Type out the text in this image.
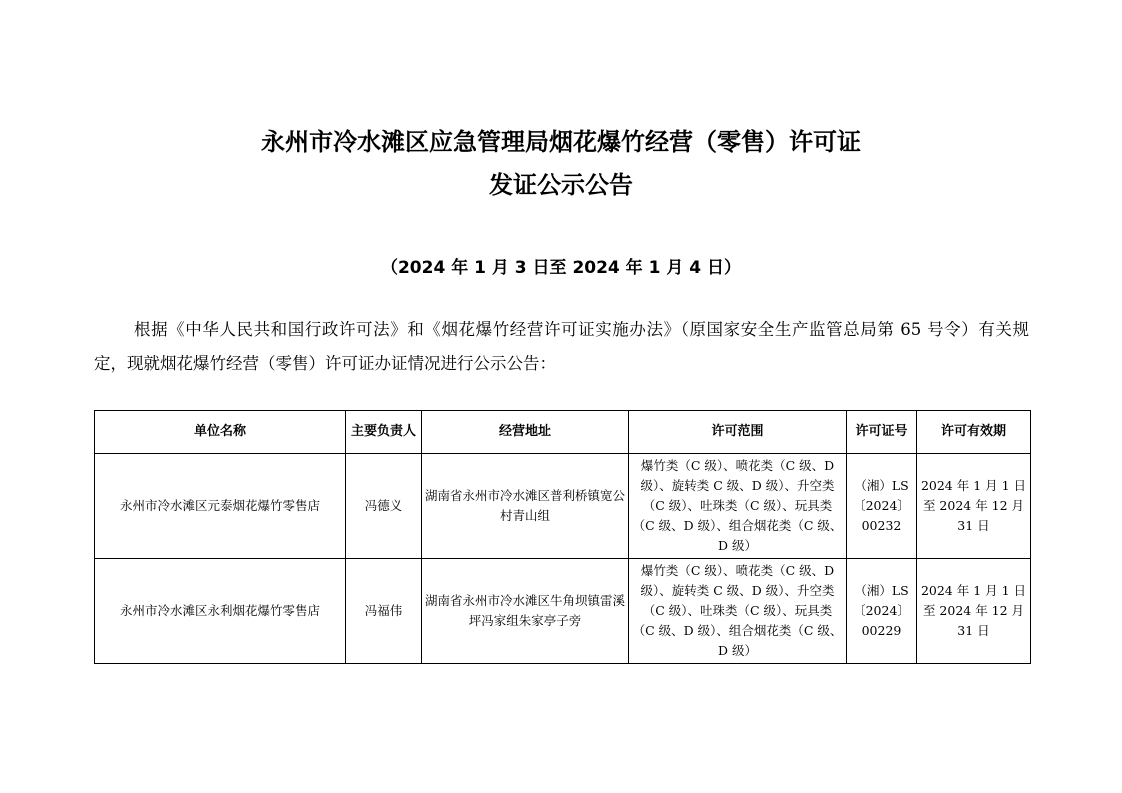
永州市冷水滩区应急管理局烟花爆竹经营（零售）许可证
发证公示公告
（2024 年 1 月 3 日至 2024 年 1 月 4 日）

根据《中华人民共和国行政许可法》和《烟花爆竹经营许可证实施办法》（原国家安全生产监管总局第 65 号令）有关规定，现就烟花爆竹经营（零售）许可证办证情况进行公示公告：

单位名称	主要负责人	经营地址	许可范围	许可证号	许可有效期
永州市冷水滩区元泰烟花爆竹零售店	冯德义	湖南省永州市冷水滩区普利桥镇宽公村青山组	爆竹类（C 级）、喷花类（C 级、D 级）、旋转类 C 级、D 级）、升空类（C 级）、吐珠类（C 级）、玩具类（C 级、D 级）、组合烟花类（C 级、D 级）	（湘）LS〔2024〕00232	2024 年 1 月 1 日至 2024 年 12 月 31 日
永州市冷水滩区永利烟花爆竹零售店	冯福伟	湖南省永州市冷水滩区牛角坝镇雷溪坪冯家组朱家亭子旁	爆竹类（C 级）、喷花类（C 级、D 级）、旋转类 C 级、D 级）、升空类（C 级）、吐珠类（C 级）、玩具类（C 级、D 级）、组合烟花类（C 级、D 级）	（湘）LS〔2024〕00229	2024 年 1 月 1 日至 2024 年 12 月 31 日
